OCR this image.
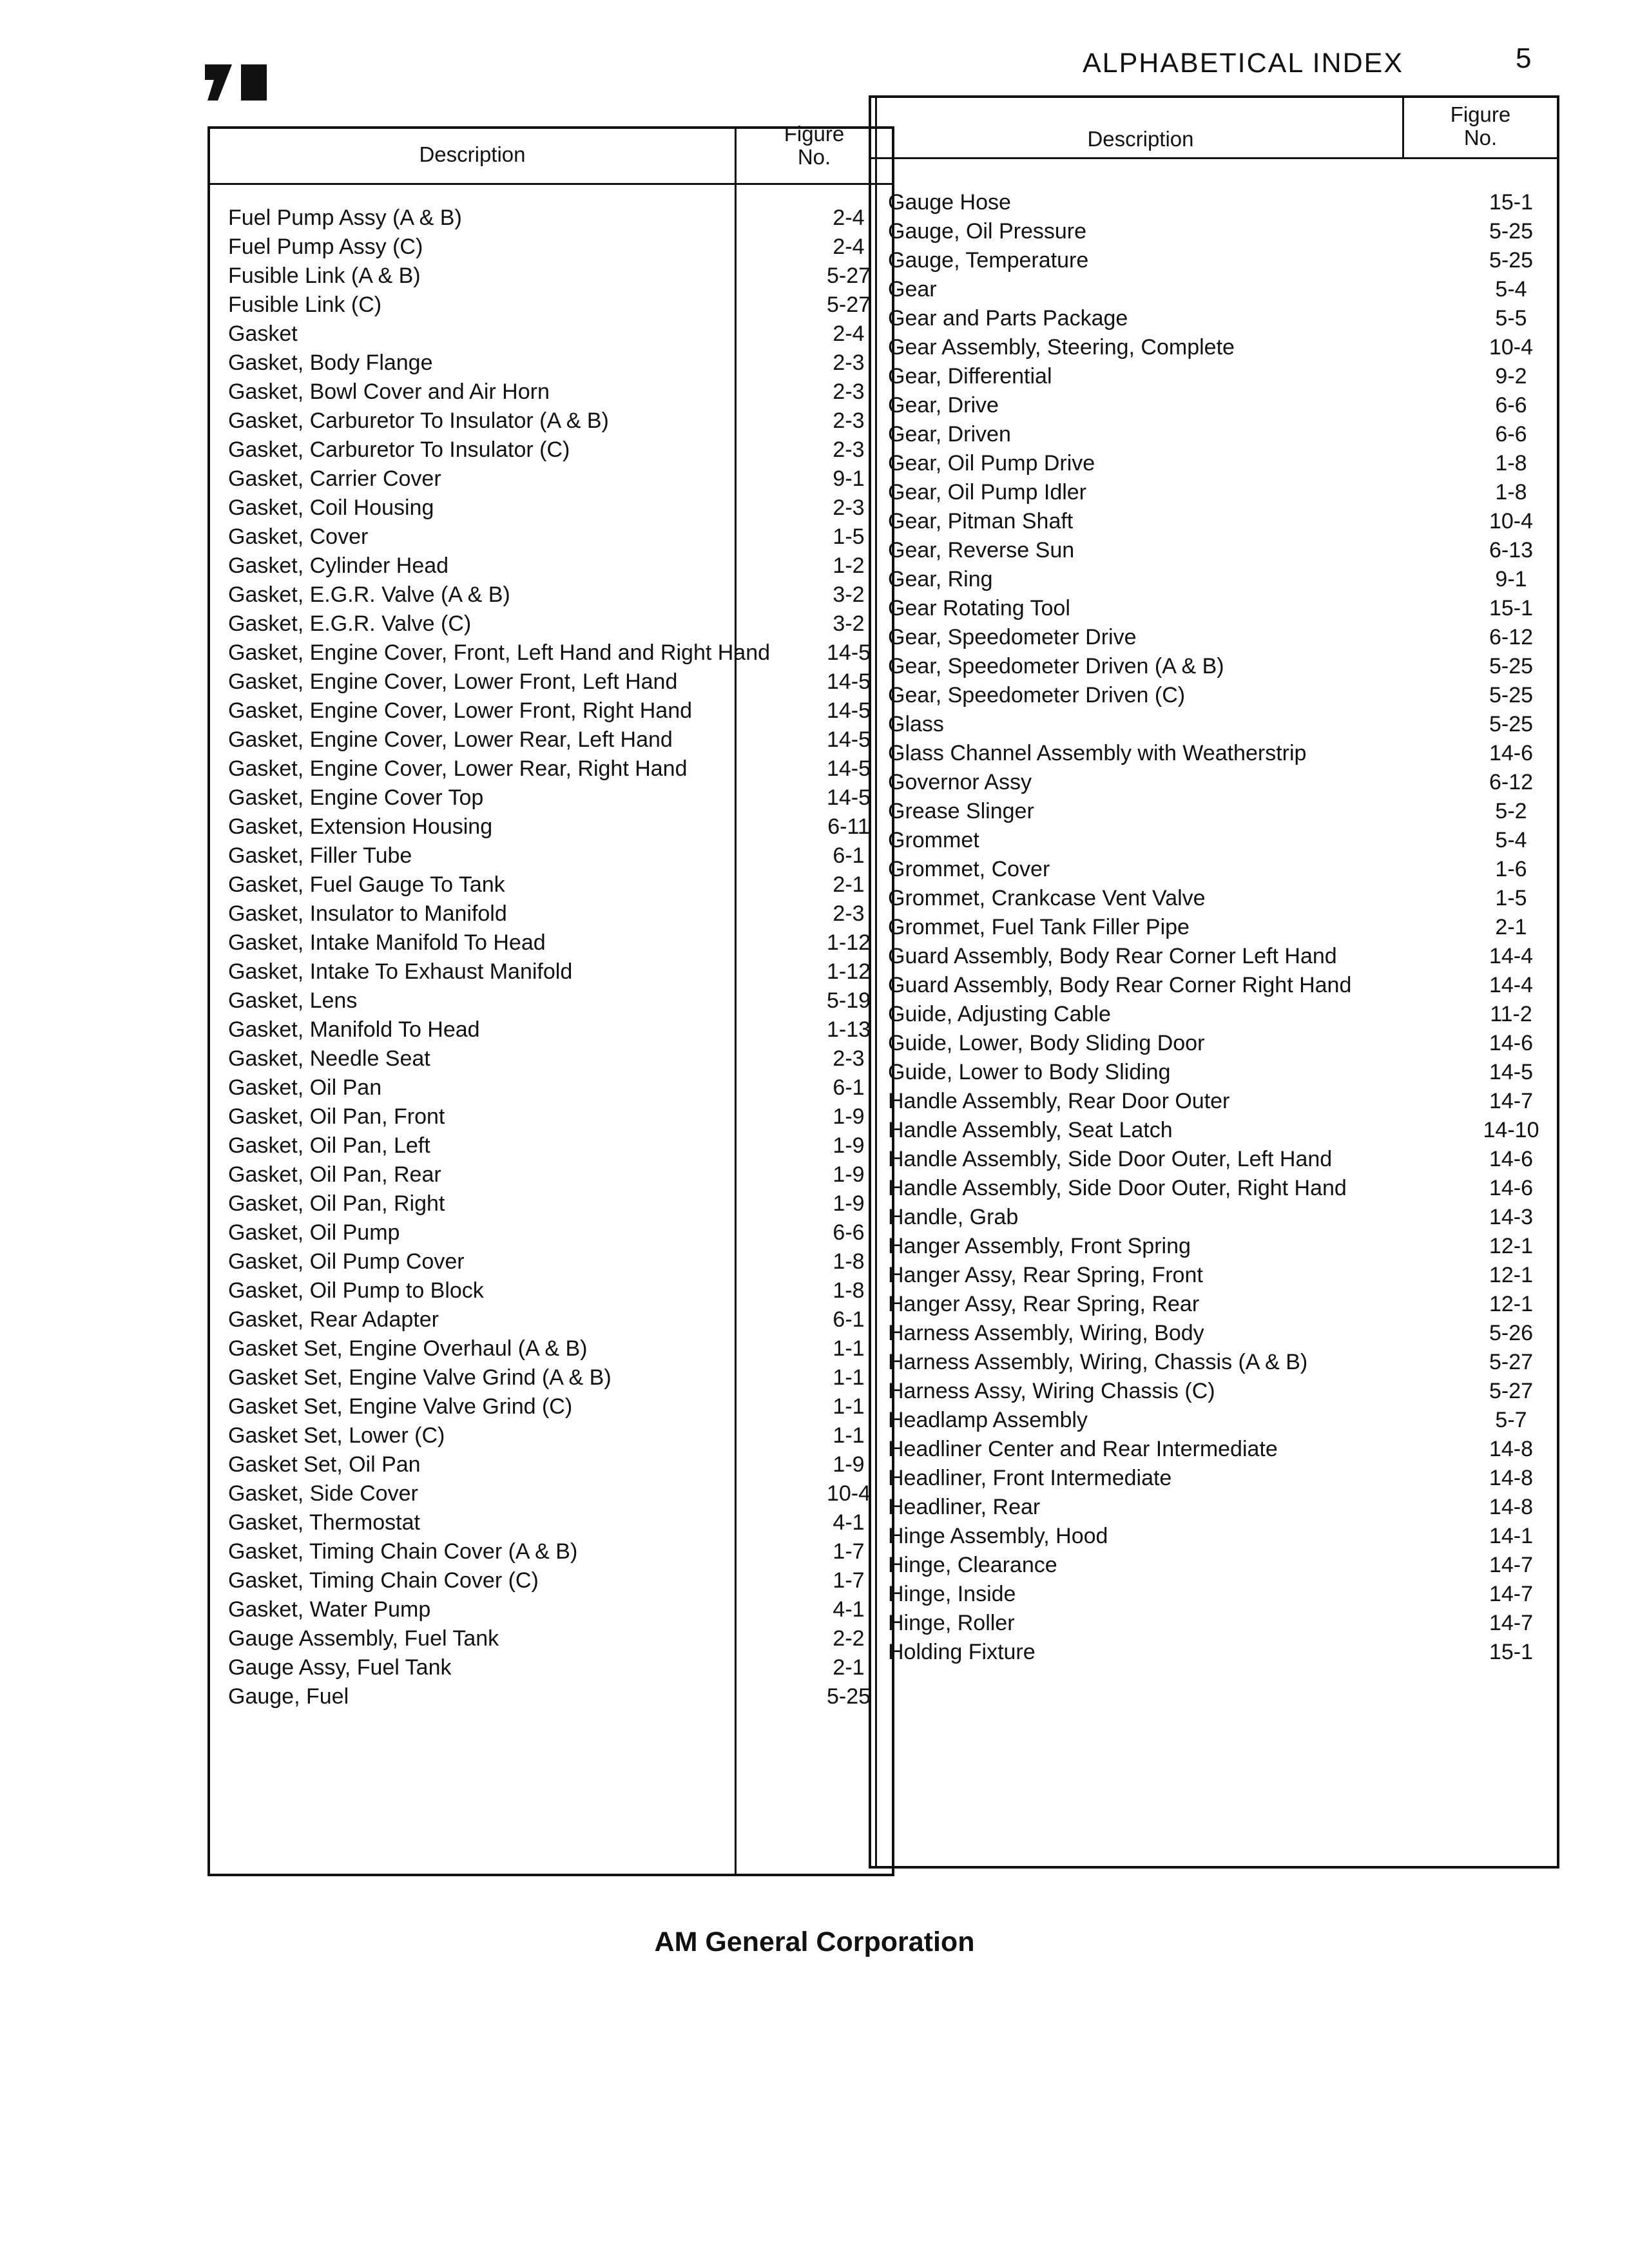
ALPHABETICAL INDEX	5
Description
Figure
No.
Description
Figure
No.
Fuel Pump Assy (A & B)	2-4
Fuel Pump Assy (C)	2-4
Fusible Link (A & B)	5-27
Fusible Link (C)	5-27
Gasket	2-4
Gasket, Body Flange	2-3
Gasket, Bowl Cover and Air Horn	2-3
Gasket, Carburetor To Insulator (A & B)	2-3
Gasket, Carburetor To Insulator (C)	2-3
Gasket, Carrier Cover	9-1
Gasket, Coil Housing	2-3
Gasket, Cover	1-5
Gasket, Cylinder Head	1-2
Gasket, E.G.R. Valve (A & B)	3-2
Gasket, E.G.R. Valve (C)	3-2
Gasket, Engine Cover, Front, Left Hand and Right Hand	14-5
Gasket, Engine Cover, Lower Front, Left Hand	14-5
Gasket, Engine Cover, Lower Front, Right Hand	14-5
Gasket, Engine Cover, Lower Rear, Left Hand	14-5
Gasket, Engine Cover, Lower Rear, Right Hand	14-5
Gasket, Engine Cover Top	14-5
Gasket, Extension Housing	6-11
Gasket, Filler Tube	6-1
Gasket, Fuel Gauge To Tank	2-1
Gasket, Insulator to Manifold	2-3
Gasket, Intake Manifold To Head	1-12
Gasket, Intake To Exhaust Manifold	1-12
Gasket, Lens	5-19
Gasket, Manifold To Head	1-13
Gasket, Needle Seat	2-3
Gasket, Oil Pan	6-1
Gasket, Oil Pan, Front	1-9
Gasket, Oil Pan, Left	1-9
Gasket, Oil Pan, Rear	1-9
Gasket, Oil Pan, Right	1-9
Gasket, Oil Pump	6-6
Gasket, Oil Pump Cover	1-8
Gasket, Oil Pump to Block	1-8
Gasket, Rear Adapter	6-1
Gasket Set, Engine Overhaul (A & B)	1-1
Gasket Set, Engine Valve Grind (A & B)	1-1
Gasket Set, Engine Valve Grind (C)	1-1
Gasket Set, Lower (C)	1-1
Gasket Set, Oil Pan	1-9
Gasket, Side Cover	10-4
Gasket, Thermostat	4-1
Gasket, Timing Chain Cover (A & B)	1-7
Gasket, Timing Chain Cover (C)	1-7
Gasket, Water Pump	4-1
Gauge Assembly, Fuel Tank	2-2
Gauge Assy, Fuel Tank	2-1
Gauge, Fuel	5-25
Gauge Hose	15-1
Gauge, Oil Pressure	5-25
Gauge, Temperature	5-25
Gear	5-4
Gear and Parts Package	5-5
Gear Assembly, Steering, Complete	10-4
Gear, Differential	9-2
Gear, Drive	6-6
Gear, Driven	6-6
Gear, Oil Pump Drive	1-8
Gear, Oil Pump Idler	1-8
Gear, Pitman Shaft	10-4
Gear, Reverse Sun	6-13
Gear, Ring	9-1
Gear Rotating Tool	15-1
Gear, Speedometer Drive	6-12
Gear, Speedometer Driven (A & B)	5-25
Gear, Speedometer Driven (C)	5-25
Glass	5-25
Glass Channel Assembly with Weatherstrip	14-6
Governor Assy	6-12
Grease Slinger	5-2
Grommet	5-4
Grommet, Cover	1-6
Grommet, Crankcase Vent Valve	1-5
Grommet, Fuel Tank Filler Pipe	2-1
Guard Assembly, Body Rear Corner Left Hand	14-4
Guard Assembly, Body Rear Corner Right Hand	14-4
Guide, Adjusting Cable	11-2
Guide, Lower, Body Sliding Door	14-6
Guide, Lower to Body Sliding	14-5
Handle Assembly, Rear Door Outer	14-7
Handle Assembly, Seat Latch	14-10
Handle Assembly, Side Door Outer, Left Hand	14-6
Handle Assembly, Side Door Outer, Right Hand	14-6
Handle, Grab	14-3
Hanger Assembly, Front Spring	12-1
Hanger Assy, Rear Spring, Front	12-1
Hanger Assy, Rear Spring, Rear	12-1
Harness Assembly, Wiring, Body	5-26
Harness Assembly, Wiring, Chassis (A & B)	5-27
Harness Assy, Wiring Chassis (C)	5-27
Headlamp Assembly	5-7
Headliner Center and Rear Intermediate	14-8
Headliner, Front Intermediate	14-8
Headliner, Rear	14-8
Hinge Assembly, Hood	14-1
Hinge, Clearance	14-7
Hinge, Inside	14-7
Hinge, Roller	14-7
Holding Fixture	15-1
AM General Corporation
